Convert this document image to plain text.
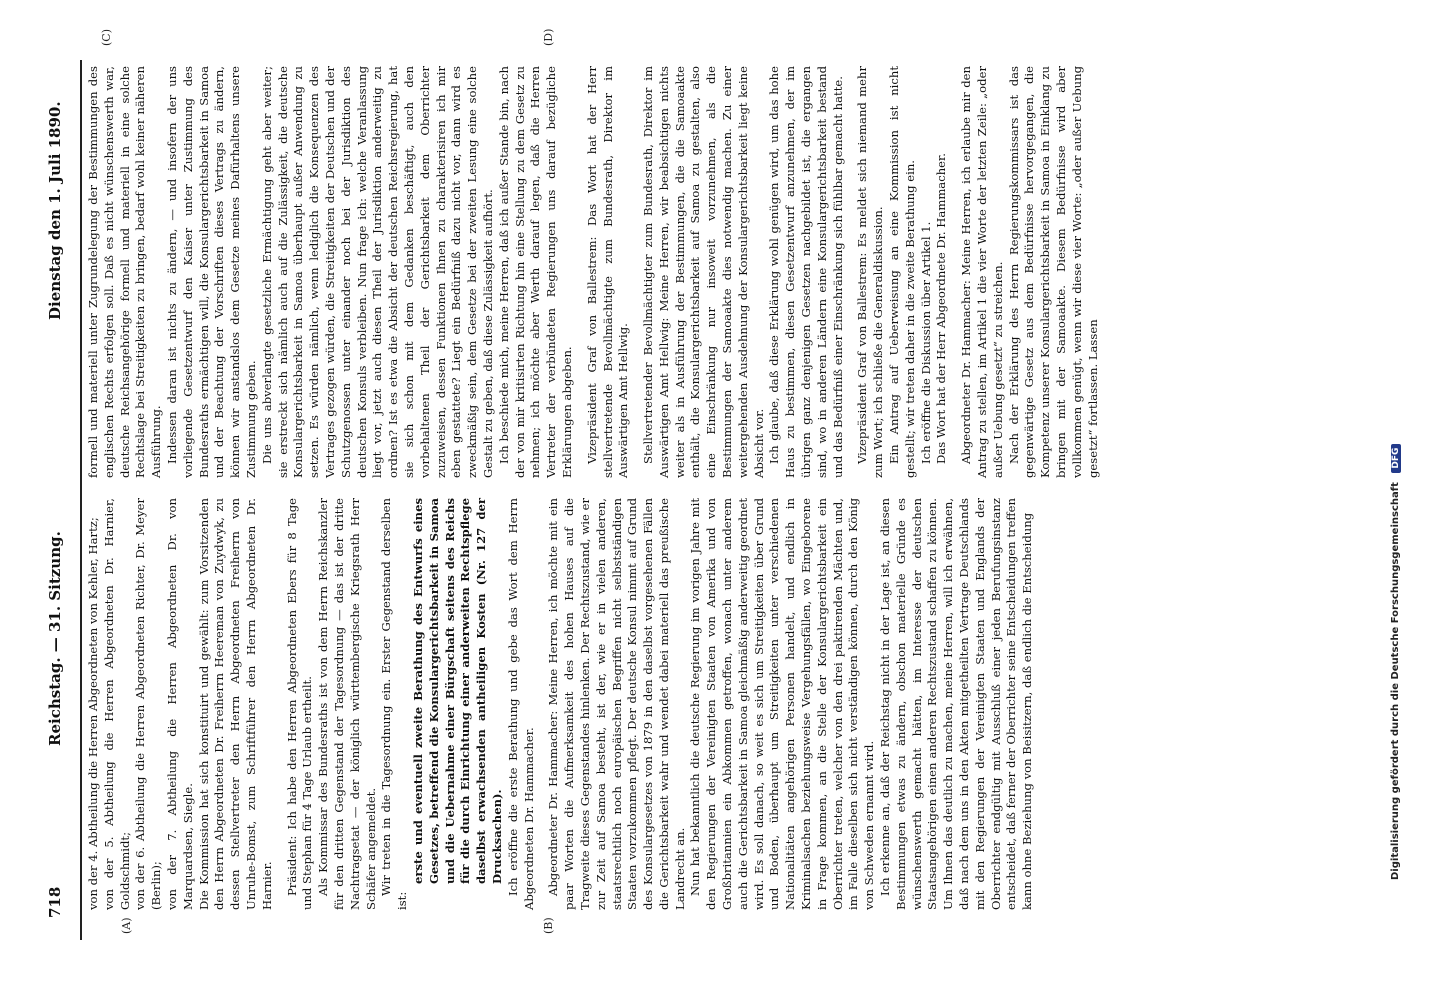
718
Reichstag. — 31. Sitzung.
Dienstag den 1. Juli 1890.
(A)	(B)
(C)	(D)

von der 4. Abtheilung die Herren Abgeordneten von Kehler, Hartz; von der 5. Abtheilung die Herren Abgeordneten Dr. Harnier, Goldschmidt; von der 6. Abtheilung die Herren Abgeordneten Richter, Dr. Meyer (Berlin); von der 7. Abtheilung die Herren Abgeordneten Dr. von Marquardsen, Siegle. Die Kommission hat sich konstituirt und gewählt: zum Vorsitzenden den Herrn Abgeordneten Dr. Freiherrn Heereman von Zuydwyk, zu dessen Stellvertreter den Herrn Abgeordneten Freiherrn von Unruhe-Bomst, zum Schriftführer den Herrn Abgeordneten Dr. Harnier. Präsident: Ich habe den Herren Abgeordneten Ebers für 8 Tage und Stephan für 4 Tage Urlaub ertheilt. Als Kommissar des Bundesraths ist von dem Herrn Reichskanzler für den dritten Gegenstand der Tagesordnung — das ist der dritte Nachtragsetat — der königlich württembergische Kriegsrath Herr Schäfer angemeldet. Wir treten in die Tagesordnung ein. Erster Gegenstand derselben ist:

erste und eventuell zweite Berathung des Entwurfs eines Gesetzes, betreffend die Konsulargerichtsbarkeit in Samoa und die Uebernahme einer Bürgschaft seitens des Reichs für die durch Einrichtung einer anderweiten Rechtspflege daselbst erwachsenden antheiligen Kosten (Nr. 127 der Drucksachen). Ich eröffne die erste Berathung und gebe das Wort dem Herrn Abgeordneten Dr. Hammacher. Abgeordneter Dr. Hammacher: Meine Herren, ich möchte mit ein paar Worten die Aufmerksamkeit des hohen Hauses auf die Tragweite dieses Gegenstandes hinlenken. Der Rechtszustand, wie er zur Zeit auf Samoa besteht, ist der, wie er in vielen anderen, staatsrechtlich noch europäischen Begriffen nicht selbstständigen Staaten vorzukommen pflegt. Der deutsche Konsul nimmt auf Grund des Konsulargesetzes von 1879 in den daselbst vorgesehenen Fällen die Gerichtsbarkeit wahr und wendet dabei materiell das preußische Landrecht an. Nun hat bekanntlich die deutsche Regierung im vorigen Jahre mit den Regierungen der Vereinigten Staaten von Amerika und von Großbritannien ein Abkommen getroffen, wonach unter anderem auch die Gerichtsbarkeit in Samoa gleichmäßig anderweitig geordnet wird. Es soll danach, so weit es sich um Streitigkeiten über Grund und Boden, überhaupt um Streitigkeiten unter verschiedenen Nationalitäten angehörigen Personen handelt, und endlich in Kriminalsachen beziehungsweise Vergehungsfällen, wo Eingeborene in Frage kommen, an die Stelle der Konsulargerichtsbarkeit ein Oberrichter treten, welcher von den drei paktirenden Mächten und, im Falle dieselben sich nicht verständigen können, durch den König von Schweden ernannt wird. Ich erkenne an, daß der Reichstag nicht in der Lage ist, an diesen Bestimmungen etwas zu ändern, obschon materielle Gründe es wünschenswerth gemacht hätten, im Interesse der deutschen Staatsangehörigen einen anderen Rechtszustand schaffen zu können. Um Ihnen das deutlich zu machen, meine Herren, will ich erwähnen, daß nach dem uns in den Akten mitgetheilten Vertrage Deutschlands mit den Regierungen der Vereinigten Staaten und Englands der Oberrichter endgültig mit Ausschluß einer jeden Berufungsinstanz entscheidet, daß ferner der Oberrichter seine Entscheidungen treffen kann ohne Beziehung von Beisitzern, daß endlich die Entscheidung

formell und materiell unter Zugrundelegung der Bestimmungen des englischen Rechts erfolgen soll. Daß es nicht wünschenswerth war, deutsche Reichsangehörige formell und materiell in eine solche Rechtslage bei Streitigkeiten zu bringen, bedarf wohl keiner näheren Ausführung. Indessen daran ist nichts zu ändern, — und insofern der uns vorliegende Gesetzentwurf den Kaiser unter Zustimmung des Bundesraths ermächtigen will, die Konsulargerichtsbarkeit in Samoa und der Beachtung der Vorschriften dieses Vertrags zu ändern, können wir anstandslos dem Gesetze meines Dafürhaltens unsere Zustimmung geben. Die uns abverlangte gesetzliche Ermächtigung geht aber weiter; sie erstreckt sich nämlich auch auf die Zulässigkeit, die deutsche Konsulargerichtsbarkeit in Samoa überhaupt außer Anwendung zu setzen. Es würden nämlich, wenn lediglich die Konsequenzen des Vertrages gezogen würden, die Streitigkeiten der Deutschen und der Schutzgenossen unter einander noch bei der Jurisdiktion des deutschen Konsuls verbleiben. Nun frage ich: welche Veranlassung liegt vor, jetzt auch diesen Theil der Jurisdiktion anderweitig zu ordnen? Ist es etwa die Absicht der deutschen Reichsregierung, hat sie sich schon mit dem Gedanken beschäftigt, auch den vorbehaltenen Theil der Gerichtsbarkeit dem Oberrichter zuzuweisen, dessen Funktionen Ihnen zu charakterisiren ich mir eben gestattete? Liegt ein Bedürfniß dazu nicht vor, dann wird es zweckmäßig sein, dem Gesetze bei der zweiten Lesung eine solche Gestalt zu geben, daß diese Zulässigkeit aufhört. Ich beschiede mich, meine Herren, daß ich außer Stande bin, nach der von mir kritisirten Richtung hin eine Stellung zu dem Gesetz zu nehmen; ich möchte aber Werth darauf legen, daß die Herren Vertreter der verbündeten Regierungen uns darauf bezügliche Erklärungen abgeben. Vizepräsident Graf von Ballestrem: Das Wort hat der Herr stellvertretende Bevollmächtigte zum Bundesrath, Direktor im Auswärtigen Amt Hellwig. Stellvertretender Bevollmächtigter zum Bundesrath, Direktor im Auswärtigen Amt Hellwig: Meine Herren, wir beabsichtigen nichts weiter als in Ausführung der Bestimmungen, die die Samoaakte enthält, die Konsulargerichtsbarkeit auf Samoa zu gestalten, also eine Einschränkung nur insoweit vorzunehmen, als die Bestimmungen der Samoaakte dies notwendig machen. Zu einer weitergehenden Ausdehnung der Konsulargerichtsbarkeit liegt keine Absicht vor. Ich glaube, daß diese Erklärung wohl genügen wird, um das hohe Haus zu bestimmen, diesen Gesetzentwurf anzunehmen, der im übrigen ganz denjenigen Gesetzen nachgebildet ist, die ergangen sind, wo in anderen Ländern eine Konsulargerichtsbarkeit bestand und das Bedürfniß einer Einschränkung sich fühlbar gemacht hatte. Vizepräsident Graf von Ballestrem: Es meldet sich niemand mehr zum Wort; ich schließe die Generaldiskussion. Ein Antrag auf Ueberweisung an eine Kommission ist nicht gestellt; wir treten daher in die zweite Berathung ein. Ich eröffne die Diskussion über Artikel 1. Das Wort hat der Herr Abgeordnete Dr. Hammacher. Abgeordneter Dr. Hammacher: Meine Herren, ich erlaube mir den Antrag zu stellen, im Artikel 1 die vier Worte der letzten Zeile: „oder außer Uebung gesetzt“ zu streichen. Nach der Erklärung des Herrn Regierungskommissars ist das gegenwärtige Gesetz aus dem Bedürfnisse hervorgegangen, die Kompetenz unserer Konsulargerichtsbarkeit in Samoa in Einklang zu bringen mit der Samoaakte. Diesem Bedürfnisse wird aber vollkommen genügt, wenn wir diese vier Worte: „oder außer Uebung gesetzt“ fortlassen. Lassen

Digitalisierung gefördert durch die Deutsche Forschungsgemeinschaft DFG
